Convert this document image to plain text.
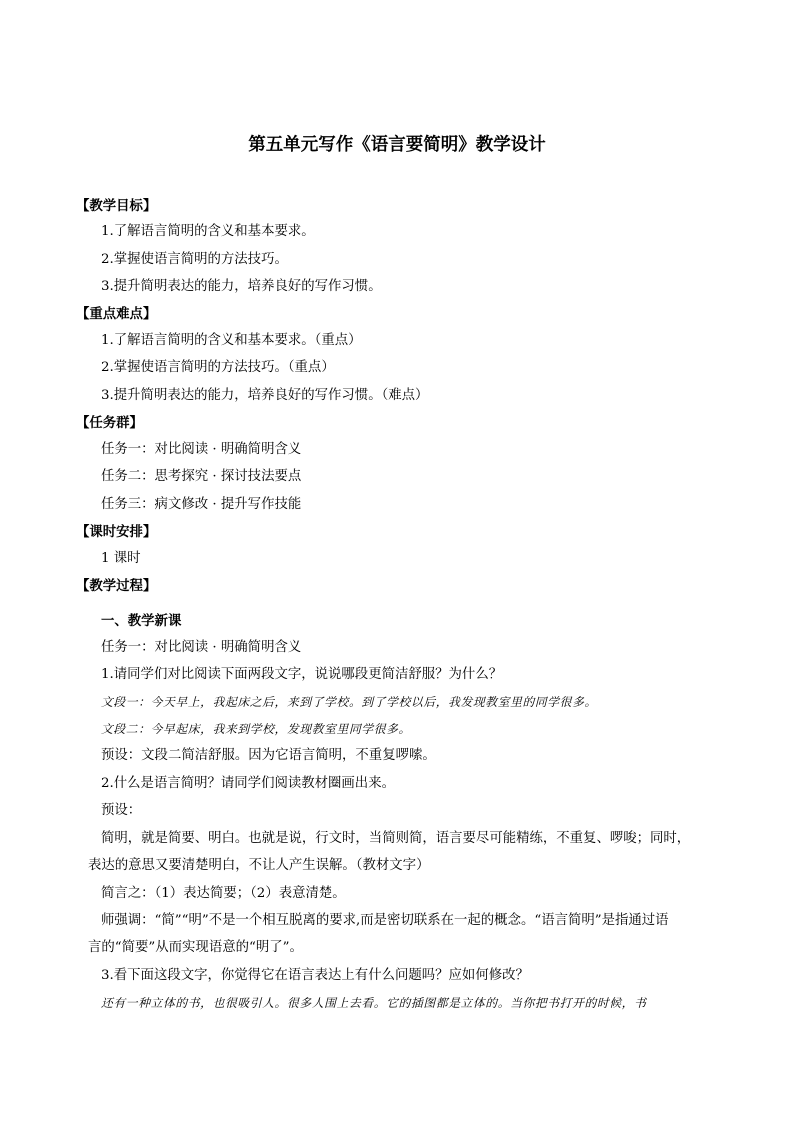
第五单元写作《语言要简明》教学设计
【教学目标】
1.了解语言简明的含义和基本要求。
2.掌握使语言简明的方法技巧。
3.提升简明表达的能力，培养良好的写作习惯。
【重点难点】
1.了解语言简明的含义和基本要求。（重点）
2.掌握使语言简明的方法技巧。（重点）
3.提升简明表达的能力，培养良好的写作习惯。（难点）
【任务群】
任务一：对比阅读 · 明确简明含义
任务二：思考探究 · 探讨技法要点
任务三：病文修改 · 提升写作技能
【课时安排】
1 课时
【教学过程】
一、教学新课
任务一：对比阅读 · 明确简明含义
1.请同学们对比阅读下面两段文字，说说哪段更简洁舒服？为什么？
文段一：今天早上，我起床之后，来到了学校。到了学校以后，我发现教室里的同学很多。
文段二：今早起床，我来到学校，发现教室里同学很多。
预设：文段二简洁舒服。因为它语言简明，不重复啰嗦。
2.什么是语言简明？请同学们阅读教材圈画出来。
预设：
简明，就是简要、明白。也就是说，行文时，当简则简，语言要尽可能精练，不重复、啰唆；同时，
表达的意思又要清楚明白，不让人产生误解。（教材文字）
简言之：（1）表达简要；（2）表意清楚。
师强调：“简”“明”不是一个相互脱离的要求,而是密切联系在一起的概念。“语言简明”是指通过语
言的“简要”从而实现语意的“明了”。
3.看下面这段文字，你觉得它在语言表达上有什么问题吗？应如何修改？
还有一种立体的书，也很吸引人。很多人围上去看。它的插图都是立体的。当你把书打开的时候，书
